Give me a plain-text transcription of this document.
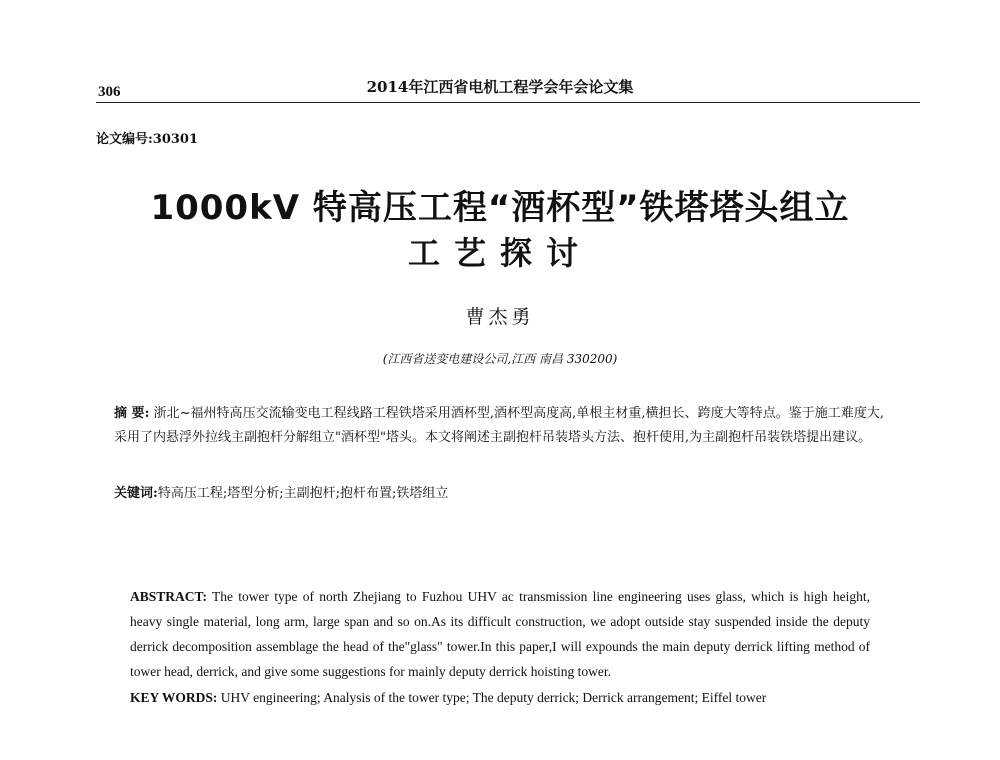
306	2014年江西省电机工程学会年会论文集
论文编号:30301
1000kV 特高压工程“酒杯型”铁塔塔头组立
工艺探讨
曹杰勇
(江西省送变电建设公司,江西 南昌 330200)
摘 要: 浙北~福州特高压交流输变电工程线路工程铁塔采用酒杯型,酒杯型高度高,单根主材重,横担长、跨度大等特点。鉴于施工难度大,采用了内悬浮外拉线主副抱杆分解组立"酒杯型"塔头。本文将阐述主副抱杆吊装塔头方法、抱杆使用,为主副抱杆吊装铁塔提出建议。
关键词:特高压工程;塔型分析;主副抱杆;抱杆布置;铁塔组立
ABSTRACT: The tower type of north Zhejiang to Fuzhou UHV ac transmission line engineering uses glass, which is high height, heavy single material, long arm, large span and so on.As its difficult construction, we adopt outside stay suspended inside the deputy derrick decomposition assemblage the head of the"glass" tower.In this paper,I will expounds the main deputy derrick lifting method of tower head, derrick, and give some suggestions for mainly deputy derrick hoisting tower.
KEY WORDS: UHV engineering; Analysis of the tower type; The deputy derrick; Derrick arrangement; Eiffel tower
